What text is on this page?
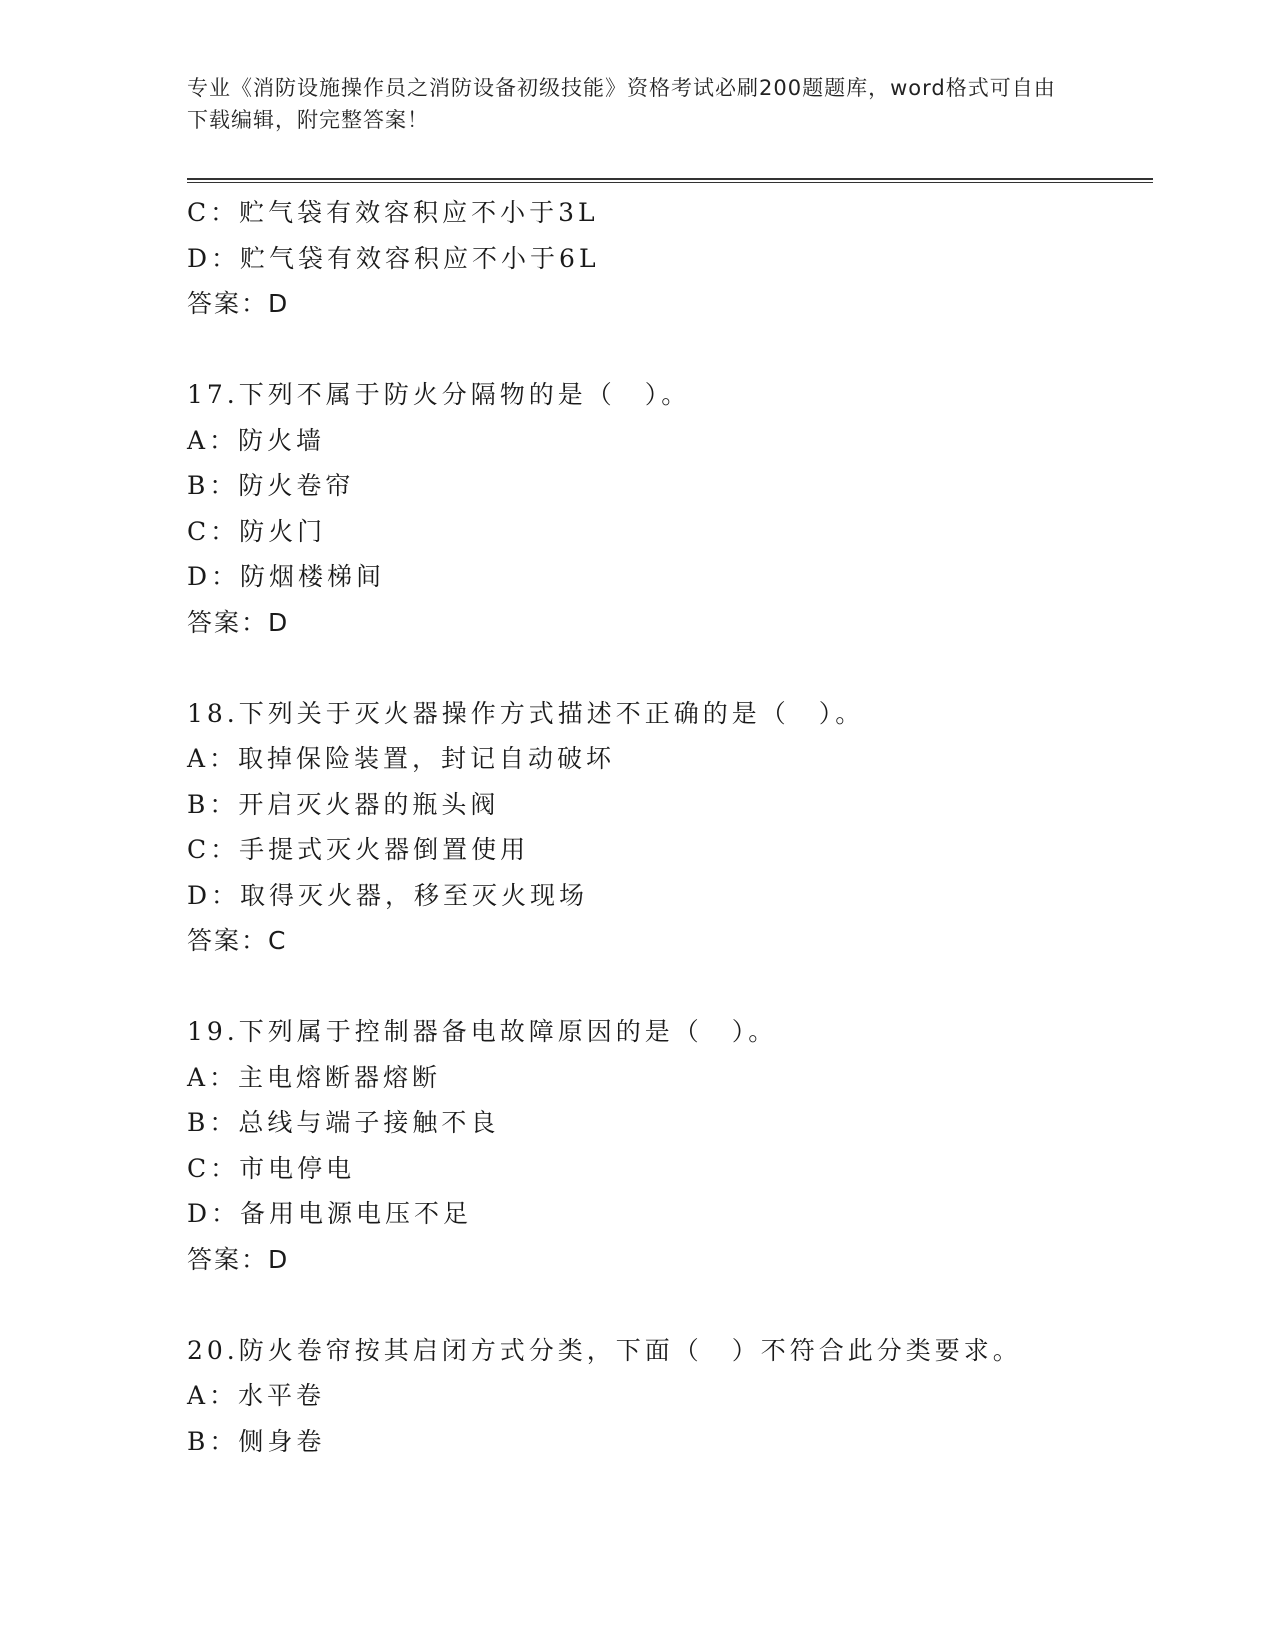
专业《消防设施操作员之消防设备初级技能》资格考试必刷200题题库，word格式可自由下载编辑，附完整答案！

C：贮气袋有效容积应不小于3L

D：贮气袋有效容积应不小于6L

答案：D

17.下列不属于防火分隔物的是（　）。

A：防火墙

B：防火卷帘

C：防火门

D：防烟楼梯间

答案：D

18.下列关于灭火器操作方式描述不正确的是（　）。

A：取掉保险装置，封记自动破坏

B：开启灭火器的瓶头阀

C：手提式灭火器倒置使用

D：取得灭火器，移至灭火现场

答案：C

19.下列属于控制器备电故障原因的是（　）。

A：主电熔断器熔断

B：总线与端子接触不良

C：市电停电

D：备用电源电压不足

答案：D

20.防火卷帘按其启闭方式分类，下面（　）不符合此分类要求。

A：水平卷

B：侧身卷
